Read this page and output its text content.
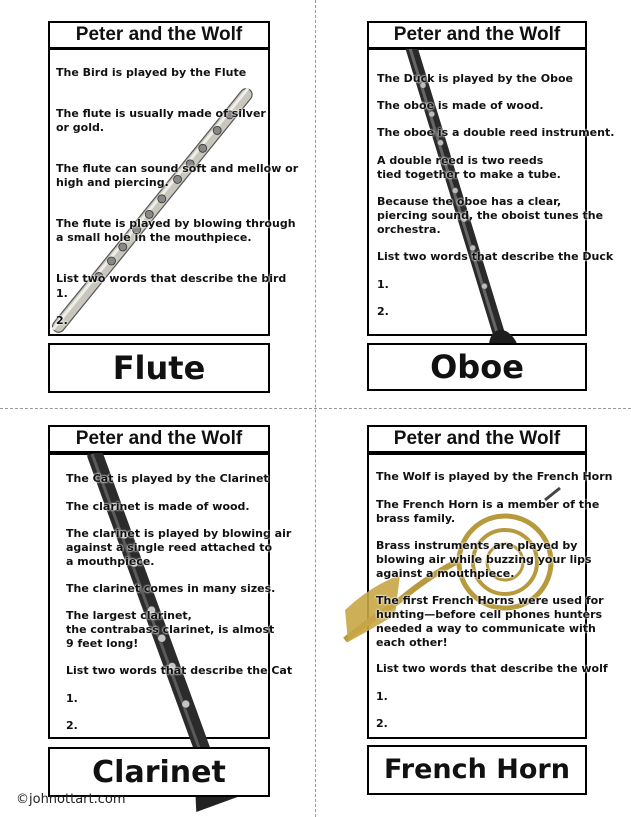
Peter and the Wolf
The Bird is played by the Flute
The flute is usually made of silver
or gold.
The flute can sound soft and mellow or
high and piercing.
The flute is played by blowing through
a small hole in the mouthpiece.
List two words that describe the bird
1.
2.
Flute
Peter and the Wolf
The Duck is played by the Oboe
The oboe is made of wood.
The oboe is a double reed instrument.
A double reed is two reeds
tied together to make a tube.
Because the oboe has a clear,
piercing sound, the oboist tunes the
orchestra.
List two words that describe the Duck
1.
2.
Oboe
Peter and the Wolf
The Cat is played by the Clarinet
The clarinet is made of wood.
The clarinet is played by blowing air
against a single reed attached to
a mouthpiece.
The clarinet comes in many sizes.
The largest clarinet,
the contrabass clarinet, is almost
9 feet long!
List two words that describe the Cat
1.
2.
Clarinet
Peter and the Wolf
The Wolf is played by the French Horn
The French Horn is a member of the
brass family.
Brass instruments are played by
blowing air while buzzing your lips
against a mouthpiece.
The first French Horns were used for
hunting—before cell phones hunters
needed a way to communicate with
each other!
List two words that describe the wolf
1.
2.
French Horn
©johnottart.com
